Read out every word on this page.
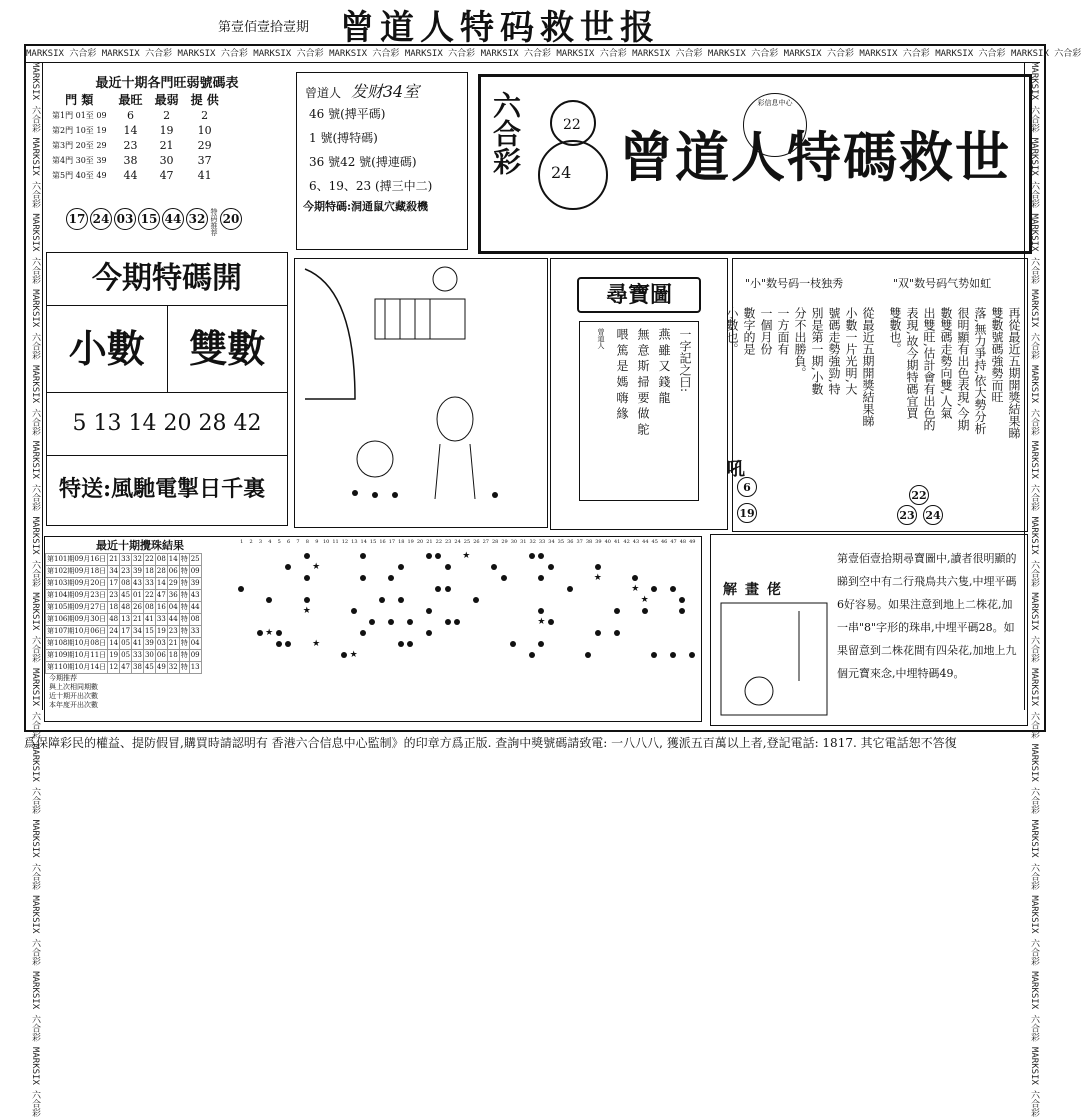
第壹佰壹拾壹期 曾道人特码救世报
MARKSIX 六合彩 MARKSIX 六合彩 MARKSIX 六合彩 MARKSIX 六合彩 MARKSIX 六合彩 MARKSIX 六合彩 MARKSIX 六合彩 MARKSIX 六合彩 MARKSIX 六合彩 MARKSIX 六合彩 MARKSIX 六合彩 MARKSIX 六合彩 MARKSIX 六合彩 MARKSIX 六合彩
MARKSIX 六合彩 MARKSIX 六合彩 MARKSIX 六合彩 MARKSIX 六合彩 MARKSIX 六合彩 MARKSIX 六合彩 MARKSIX 六合彩 MARKSIX 六合彩 MARKSIX 六合彩 MARKSIX 六合彩 MARKSIX 六合彩 MARKSIX 六合彩 MARKSIX 六合彩 MARKSIX 六合彩	MARKSIX 六合彩 MARKSIX 六合彩 MARKSIX 六合彩 MARKSIX 六合彩 MARKSIX 六合彩 MARKSIX 六合彩 MARKSIX 六合彩 MARKSIX 六合彩 MARKSIX 六合彩 MARKSIX 六合彩 MARKSIX 六合彩 MARKSIX 六合彩 MARKSIX 六合彩 MARKSIX 六合彩
最近十期各門旺弱號碼表
門 類	最旺	最弱	提 供
第1門 01至 09	6	2	2
第2門 10至 19	14	19	10
第3門 20至 29	23	21	29
第4門 30至 39	38	30	37
第5門 40至 49	44	47	41
17 24 03 15 44 32 特码推荐 20
曾道人 发财34室
46 號(搏平碼)
1 號(搏特碼)
36 號42 號(搏連碼)
6、19、23 (搏三中二)
今期特碼:洞通鼠穴藏殺機
六合彩	22
24
彩信息中心
曾道人特碼救世
今期特碼開
小數	雙數
5 13 14 20 28 42
特送:風馳電掣日千裏
尋寶圖
一字記之曰:
燕 雖 又 錢 龍
無 意 斯 掃 要 做 鴕
喂 篤 是 媽 嗨 緣
曾道人
"小"数号码一枝独秀	"双"数号码气势如虹
從最近五期開獎結果睇
小數一片光明,大
號碼走勢強勁,特
別是第一期,小數
分不出勝負。
一方面有
一個月份
數字的是
小數也。	再從最近五期開獎結果睇
雙數號碼強勢而旺
落,無力爭持,依大勢分析
很明顯有出色表現,今期
數雙碼走勢向雙,人氣
出雙旺,估計會有出色的
表現,故今期特碼宜買
雙數也。
吼
6
19
22
23 24
最近十期攪珠結果
第101期09月16日	21	33	32	22	08	14	特	25
第102期09月18日	34	23	39	18	28	06	特	09
第103期09月20日	17	08	43	33	14	29	特	39
第104期09月23日	23	45	01	22	47	36	特	43
第105期09月27日	18	48	26	08	16	04	特	44
第106期09月30日	48	13	21	41	33	44	特	08
第107期10月06日	24	17	34	15	19	23	特	33
第108期10月08日	14	05	41	39	03	21	特	04
第109期10月11日	19	05	33	30	06	18	特	09
第110期10月14日	12	47	38	45	49	32	特	13
今期推荐
與上次相同期數
近十期开出次數
本年度开出次數
1	2	3	4	5	6	7	8	9 10 11 12 13 14 15 16 17 18 19 20 21 22 23 24 25 26 27 28 29 30 31 32 33 34 35 36 37 38 39 40 41 42 43 44 45 46 47 48 49
★
★
★
★
★
★
★
★
★
★
解畫佬
第壹佰壹拾期尋寶圖中,讀者很明顯的睇到空中有二行飛鳥共六隻,中埋平碼6好容易。如果注意到地上二株花,加一串"8"字形的珠串,中埋平碼28。如果留意到二株花間有四朵花,加地上九個元寶來念,中埋特碼49。
爲保障彩民的權益、提防假冒,購買時請認明有 香港六合信息中心監制》的印章方爲正版. 查詢中獎號碼請致電: 一八八八, 獲派五百萬以上者,登記電話: 1817. 其它電話恕不答復
